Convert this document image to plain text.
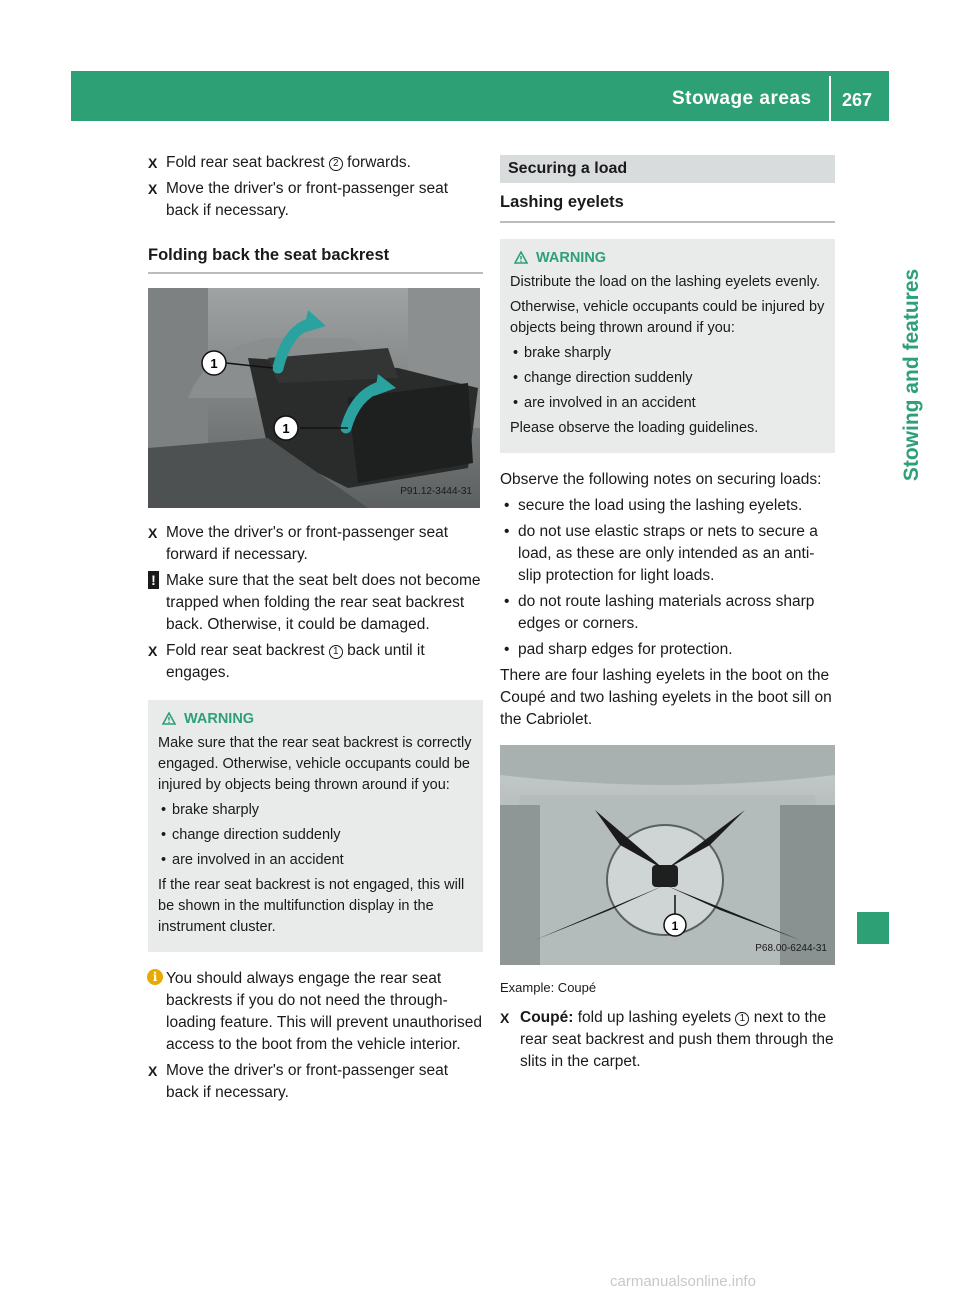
Stowage areas 267
Stowing and features
X Fold rear seat backrest 2 forwards.
X Move the driver's or front-passenger seat back if necessary.
Folding back the seat backrest
1
1
P91.12-3444-31
X Move the driver's or front-passenger seat forward if necessary.
! Make sure that the seat belt does not become trapped when folding the rear seat backrest back. Otherwise, it could be damaged.
X Fold rear seat backrest 1 back until it engages.
WARNING

Make sure that the rear seat backrest is correctly engaged. Otherwise, vehicle occupants could be injured by objects being thrown around if you:

• brake sharply
• change direction suddenly
• are involved in an accident

If the rear seat backrest is not engaged, this will be shown in the multifunction display in the instrument cluster.

i You should always engage the rear seat backrests if you do not need the through-loading feature. This will prevent unauthorised access to the boot from the vehicle interior.
X Move the driver's or front-passenger seat back if necessary.
Securing a load
Lashing eyelets
WARNING

Distribute the load on the lashing eyelets evenly.

Otherwise, vehicle occupants could be injured by objects being thrown around if you:

• brake sharply
• change direction suddenly
• are involved in an accident

Please observe the loading guidelines.

Observe the following notes on securing loads:

• secure the load using the lashing eyelets.
• do not use elastic straps or nets to secure a load, as these are only intended as an anti-slip protection for light loads.
• do not route lashing materials across sharp edges or corners.
• pad sharp edges for protection.

There are four lashing eyelets in the boot on the Coupé and two lashing eyelets in the boot sill on the Cabriolet.

1
P68.00-6244-31
Example: Coupé
X Coupé: fold up lashing eyelets 1 next to the rear seat backrest and push them through the slits in the carpet.
carmanualsonline.info
